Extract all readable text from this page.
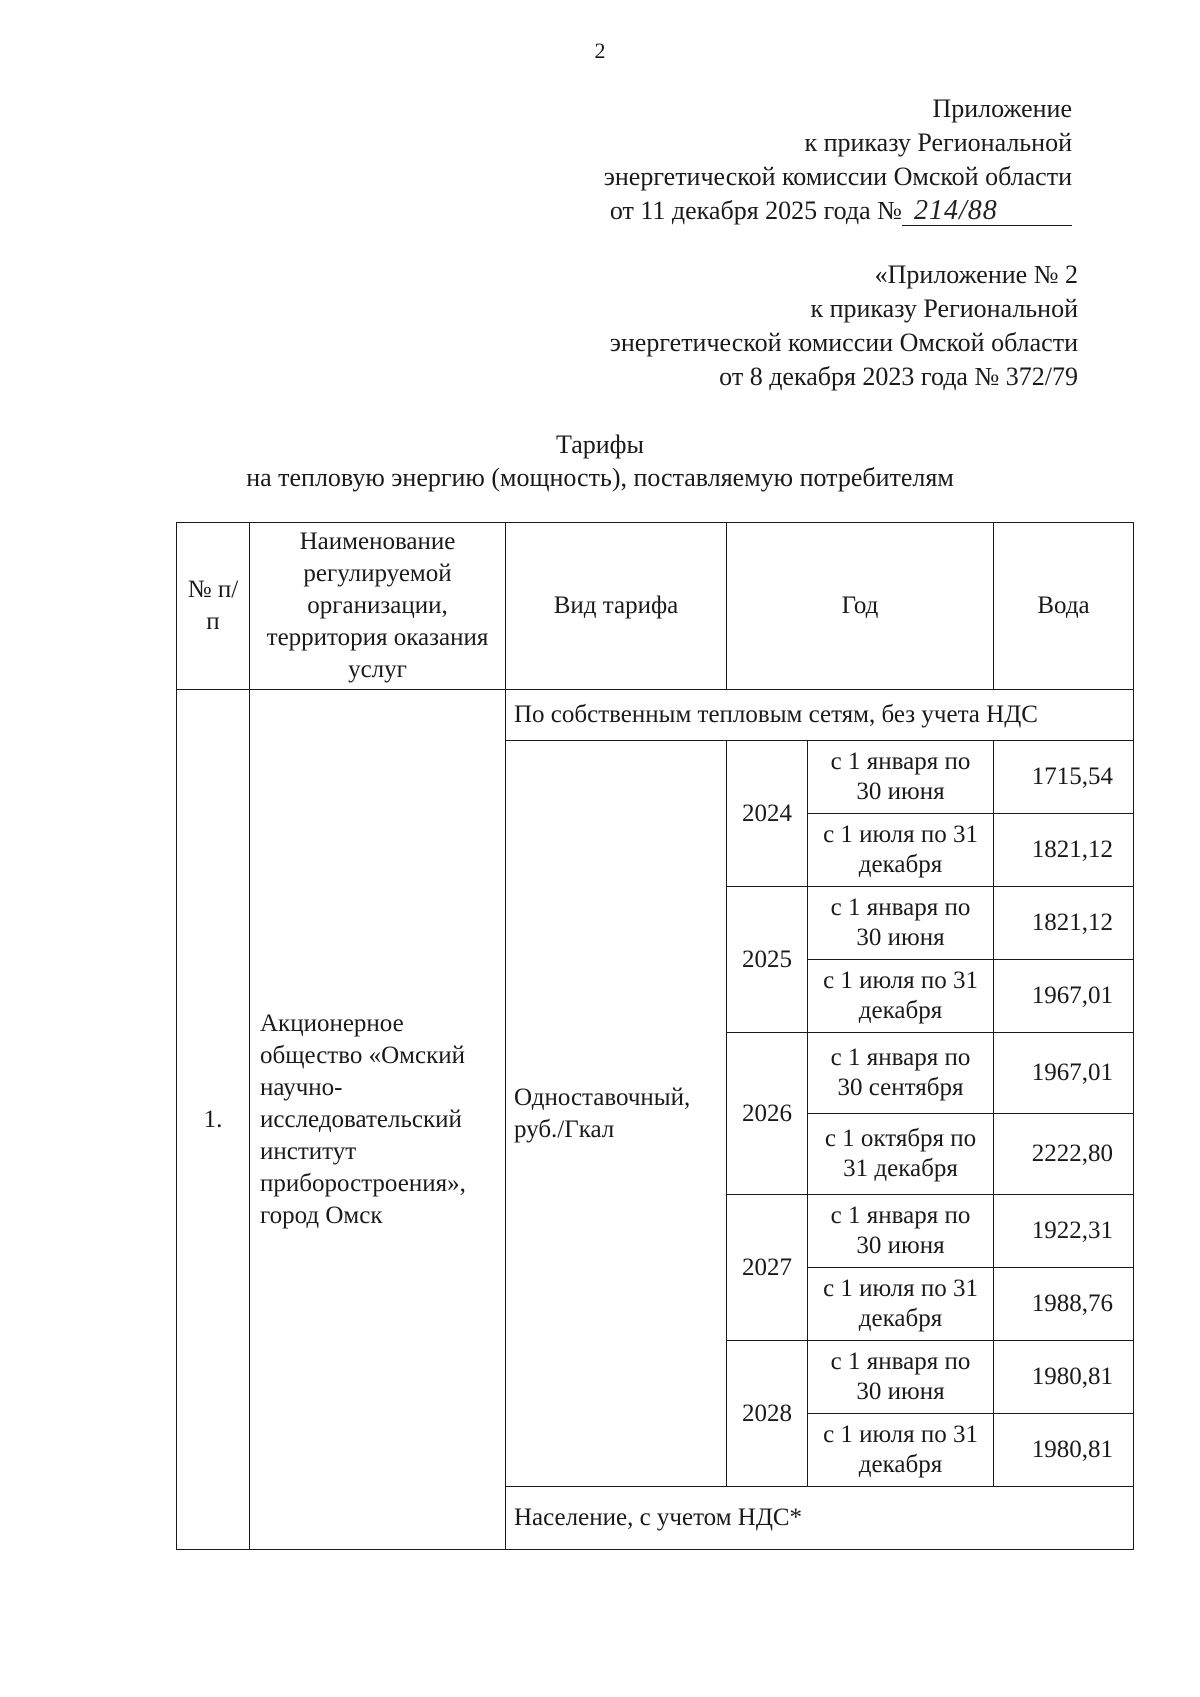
2
Приложение
к приказу Региональной
энергетической комиссии Омской области
от 11 декабря 2025 года № 214/88
«Приложение № 2
к приказу Региональной
энергетической комиссии Омской области
от 8 декабря 2023 года № 372/79
Тарифы
на тепловую энергию (мощность), поставляемую потребителям
№ п/п	Наименование регулируемой организации, территория оказания услуг	Вид тарифа	Год		Вода
1.	Акционерное общество «Омский научно-исследовательский институт приборостроения», город Омск	По собственным тепловым сетям, без учета НДС			
		Одноставочный, руб./Гкал	2024	с 1 января по 30 июня	1715,54
				с 1 июля по 31 декабря	1821,12
			2025	с 1 января по 30 июня	1821,12
				с 1 июля по 31 декабря	1967,01
			2026	с 1 января по 30 сентября	1967,01
				с 1 октября по 31 декабря	2222,80
			2027	с 1 января по 30 июня	1922,31
				с 1 июля по 31 декабря	1988,76
			2028	с 1 января по 30 июня	1980,81
				с 1 июля по 31 декабря	1980,81
		Население, с учетом НДС*			
